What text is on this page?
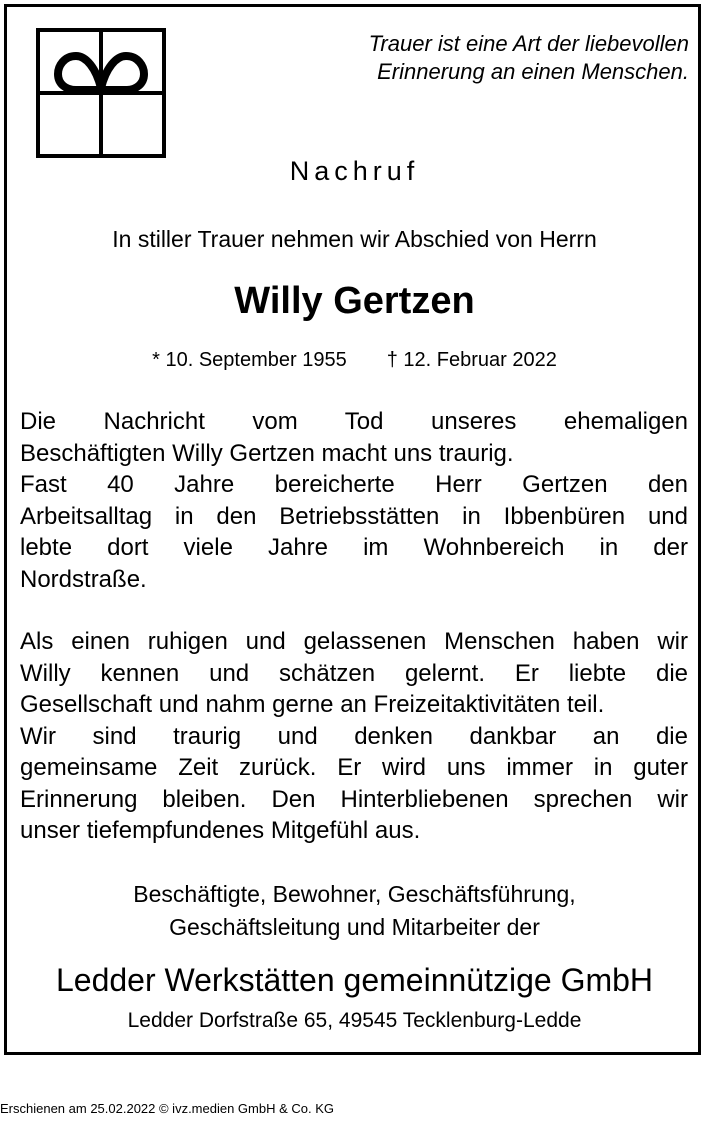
Trauer ist eine Art der liebevollen
Erinnerung an einen Menschen.
Nachruf
In stiller Trauer nehmen wir Abschied von Herrn
Willy Gertzen
* 10. September 1955 † 12. Februar 2022
Die Nachricht vom Tod unseres ehemaligen
Beschäftigten Willy Gertzen macht uns traurig.
Fast 40 Jahre bereicherte Herr Gertzen den
Arbeitsalltag in den Betriebsstätten in Ibbenbüren und
lebte dort viele Jahre im Wohnbereich in der
Nordstraße.
Als einen ruhigen und gelassenen Menschen haben wir
Willy kennen und schätzen gelernt. Er liebte die
Gesellschaft und nahm gerne an Freizeitaktivitäten teil.
Wir sind traurig und denken dankbar an die
gemeinsame Zeit zurück. Er wird uns immer in guter
Erinnerung bleiben. Den Hinterbliebenen sprechen wir
unser tiefempfundenes Mitgefühl aus.
Beschäftigte, Bewohner, Geschäftsführung,
Geschäftsleitung und Mitarbeiter der
Ledder Werkstätten gemeinnützige GmbH
Ledder Dorfstraße 65, 49545 Tecklenburg-Ledde
Erschienen am 25.02.2022 © ivz.medien GmbH & Co. KG
